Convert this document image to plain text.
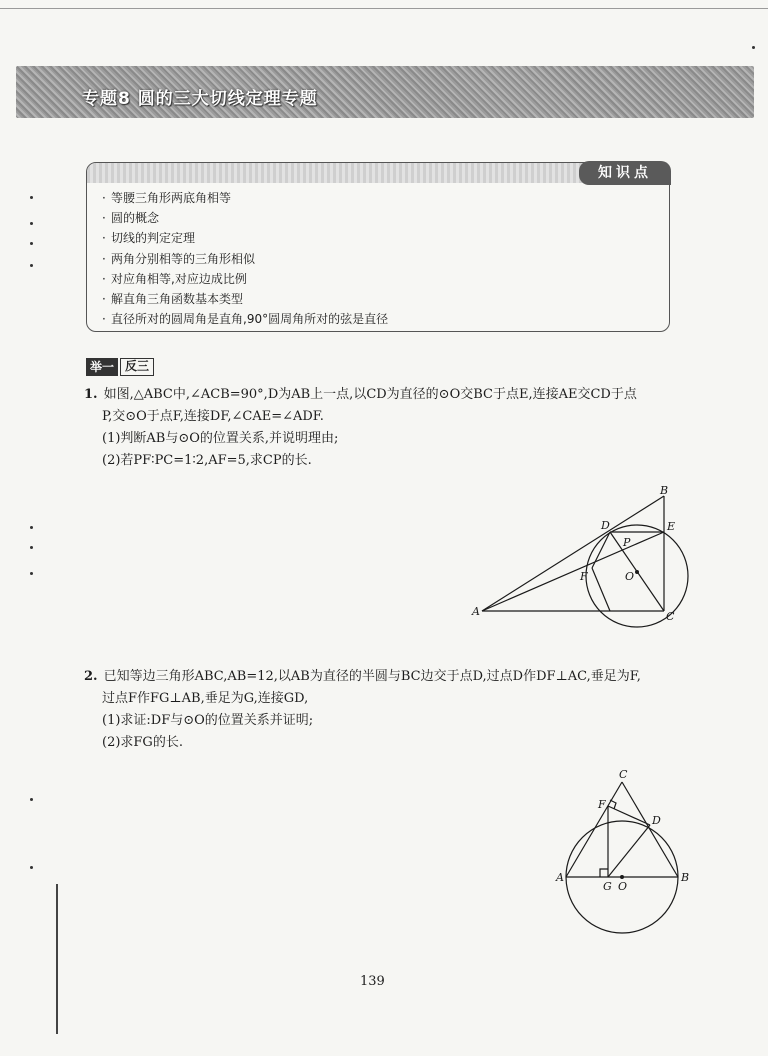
专题8 圆的三大切线定理专题
知识点
· 等腰三角形两底角相等
· 圆的概念
· 切线的判定定理
· 两角分别相等的三角形相似
· 对应角相等,对应边成比例
· 解直角三角函数基本类型
· 直径所对的圆周角是直角,90°圆周角所对的弦是直径
举一 反三
1. 如图,△ABC中,∠ACB=90°,D为AB上一点,以CD为直径的⊙O交BC于点E,连接AE交CD于点
P,交⊙O于点F,连接DF,∠CAE=∠ADF.
(1)判断AB与⊙O的位置关系,并说明理由;
(2)若PF∶PC=1∶2,AF=5,求CP的长.
A
B
C
D	E
F
P
O
2. 已知等边三角形ABC,AB=12,以AB为直径的半圆与BC边交于点D,过点D作DF⊥AC,垂足为F,
过点F作FG⊥AB,垂足为G,连接GD,
(1)求证:DF与⊙O的位置关系并证明;
(2)求FG的长.
A	B
C
D
F
G O
139
